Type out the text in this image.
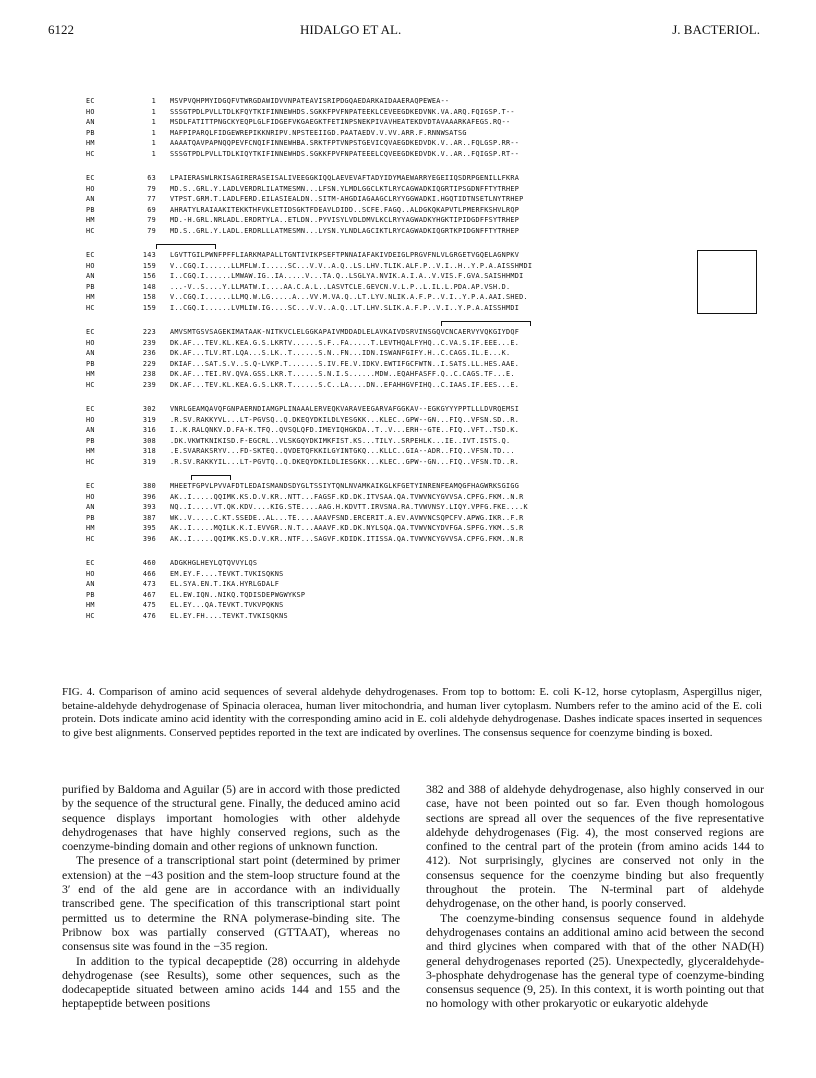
6122	HIDALGO ET AL.	J. BACTERIOL.
EC	1 MSVPVQHPMYIDGQFVTWRGDAWIDVVNPATEAVISRIPDGQAEDARKAIDAAERAQPEWEA--
HO	1 SSSGTPDLPVLLTDLKFQYTKIFINNEWHDS.SGKKFPVFNPATEEKLCEVEEGDKEDVNK.VA.ARQ.FQIGSP.T--
AN	1 MSDLFATITTPNGCKYEQPLGLFIDGEFVKGAEGKTFETINPSNEKPIVAVHEATEKDVDTAVAAARKAFEGS.RQ--
PB	1 MAFPIPARQLFIDGEWREPIKKNRIPV.NPSTEEIIGD.PAATAEDV.V.VV.ARR.F.RNNWSATSG
HM	1 AAAATQAVPAPNQQPEVFCNQIFINNEWHBA.SRKTFPTVNPSTGEVICQVAEGDKEDVDK.V..AR..FQLGSP.RR--
HC	1 SSSGTPDLPVLLTDLKIQYTKIFINNEWHDS.SGKKFPVFNPATEEELCQVEEGDKEDVDK.V..AR..FQIGSP.RT--
EC	63 LPAIERASWLRKISAGIRERASEISALIVEEGGKIQQLAEVEVAFTADYIDYMAEWARRYEGEIIQSDRPGENILLFKRA
HO	79 MD.S..GRL.Y.LADLVERDRLILATMESMN...LFSN.YLMDLGGCLKTLRYCAGWADKIQGRTIPSGDNFFTYTRHEP
AN	77 VTPST.GRM.T.LADLFERD.EILASIEALDN..SITM-AHGDIAGAAGCLRYYGGWADKI.HGQTIDTNSETLNYTRHEP
PB	69 AHRATYLRAIAAKITEKKTHFVKLETIDSGKTFDEAVLDIDD..SCFE.FAGQ..ALDGKQKAPVTLPMERFKSHVLRQP
HM	79 MD.-H.GRL.NRLADL.ERDRTYLA..ETLDN..PYVISYLVDLDMVLKCLRYYAGWADKYHGKTIPIDGDFFSYTRHEP
HC	79 MD.S..GRL.Y.LADL.ERDRLLLATMESMN...LYSN.YLNDLAGCIKTLRYCAGWADKIQGRTKPIDGNFFTYTRHEP
EC	143 LGVTTGILPWNFPFFLIARKMAPALLTGNTIVIKPSEFTPNNAIAFAKIVDEIGLPRGVFNLVLGRGETVGQELAGNPKV
HO	159 V..CGQ.I......LLMFLW.I.....SC...V.V..A.Q..LS.LHV.TLIK.ALF.P..V.I..H..Y.P.A.AISSHMDI
AN	156 I..CGQ.I......LMWAW.IG..IA.....V...TA.Q..LSGLYA.NVIK.A.I.A..V.VIS.F.GVA.SAISHHMDI
PB	148 ...-V..S....Y.LLMATW.I....AA.C.A.L..LASVTCLE.GEVCN.V.L.P..L.IL.L.PDA.AP.VSH.D.
HM	158 V..CGQ.I......LLMQ.W.LG.....A...VV.M.VA.Q..LT.LYV.NLIK.A.F.P..V.I..Y.P.A.AAI.SHED.
HC	159 I..CGQ.I......LVMLIW.IG....SC...V.V..A.Q..LT.LHV.SLIK.A.F.P..V.I..Y.P.A.AISSHMDI
EC	223 AMVSMTGSVSAGEKIMATAAK-NITKVCLELGGKAPAIVMDDADLELAVKAIVDSRVINSGQVCNCAERVYVQKGIYDQF
HO	239 DK.AF...TEV.KL.KEA.G.S.LKRTV......S.F..FA.....T.LEVTHQALFYHQ..C.VA.S.IF.EEE...E.
AN	236 DK.AF...TLV.RT.LQA...S.LK..T......S.N..FN...IDN.ISWANFGIFY.H..C.CAGS.IL.E...K.
PB	229 DKIAF...SAT.S.V..S.Q-LVKP.T.......S.IV.FE.V.IDKV.EWTIFGCFWTN..I.SATS.LL.HES.AAE.
HM	238 DK.AF...TEI.RV.QVA.GSS.LKR.T......S.N.I.S......MDW..EQAHFASFF.Q..C.CAGS.TF...E.
HC	239 DK.AF...TEV.KL.KEA.G.S.LKR.T......S.C..LA....DN..EFAHHGVFIHQ..C.IAAS.IF.EES...E.
EC	302 VNRLGEAMQAVQFGNPAERNDIAMGPLINAAALERVEQKVARAVEEGARVAFGGKAV--EGKGYYYPPTLLLDVRQEMSI
HO	319 .R.SV.RAKKYVL...LT-PGVSQ..Q.DKEQYDKILDLYESGKK...KLEC..GPW--GN...FIQ..VFSN.SD..R.
AN	316 I..K.RALQNKV.D.FA-K.TFQ..QVSQLQFD.IMEYIQHGKDA..T..V...ERH--GTE..FIQ..VFT..TSD.K.
PB	308 .DK.VKWTKNIKISD.F-EGCRL..VLSKGQYDKIMKFIST.KS...TILY..SRPEHLK...IE..IVT.ISTS.Q.
HM	318 .E.SVARAKSRYV...FD-SKTEQ..QVDETQFKKILGYINTGKQ...KLLC..GIA--ADR..FIQ..VFSN.TD...
HC	319 .R.SV.RAKKYIL...LT-PGVTQ..Q.DKEQYDKILDLIESGKK...KLEC..GPW--GN...FIQ..VFSN.TD..R.
EC	380 MHEETFGPVLPVVAFDTLEDAISMANDSDYGLTSSIYTQNLNVAMKAIKGLKFGETYINRENFEAMQGFHAGWRKSGIGG
HO	396 AK..I.....QQIMK.KS.D.V.KR..NTT...FAGSF.KD.DK.ITVSAA.QA.TVWVNCYGVVSA.CPFG.FKM..N.R
AN	393 NQ..I.....VT.QK.KDV....KIG.STE....AAG.H.KDVTT.IRVSNA.RA.TVWVNSY.LIQY.VPFG.FKE....K
PB	387 WK..V.....C.KT.SSEDE..AL...TE....AAAVFSND.ERCERIT.A.EV.AVWVNCSQPCFV.APWG.IKR..F.R
HM	395 AK..I.....MQILK.K.I.EVVGR..N.T...AAAVF.KD.DK.NYLSQA.QA.TVWVNCYDVFGA.SPFG.YKM..S.R
HC	396 AK..I.....QQIMK.KS.D.V.KR..NTF...SAGVF.KDIDK.ITISSA.QA.TVWVNCYGVVSA.CPFG.FKM..N.R
EC	460 ADGKHGLHEYLQTQVVYLQS
HO	466 EM.EY.F....TEVKT.TVKISQKNS
AN	473 EL.SYA.EN.T.IKA.HYRLGDALF
PB	467 EL.EW.IQN..NIKQ.TQDISDEPWGWYKSP
HM	475 EL.EY...QA.TEVKT.TVKVPQKNS
HC	476 EL.EY.FH....TEVKT.TVKISQKNS
FIG. 4. Comparison of amino acid sequences of several aldehyde dehydrogenases. From top to bottom: E. coli K-12, horse cytoplasm, Aspergillus niger, betaine-aldehyde dehydrogenase of Spinacia oleracea, human liver mitochondria, and human liver cytoplasm. Numbers refer to the amino acid of the E. coli protein. Dots indicate amino acid identity with the corresponding amino acid in E. coli aldehyde dehydrogenase. Dashes indicate spaces inserted in sequences to give best alignments. Conserved peptides reported in the text are indicated by overlines. The consensus sequence for coenzyme binding is boxed.

purified by Baldoma and Aguilar (5) are in accord with those predicted by the sequence of the structural gene. Finally, the deduced amino acid sequence displays important homologies with other aldehyde dehydrogenases that have highly conserved regions, such as the coenzyme-binding domain and other regions of unknown function.

The presence of a transcriptional start point (determined by primer extension) at the −43 position and the stem-loop structure found at the 3′ end of the ald gene are in accordance with an individually transcribed gene. The specification of this transcriptional start point permitted us to determine the RNA polymerase-binding site. The Pribnow box was partially conserved (GTTAAT), whereas no consensus site was found in the −35 region.

In addition to the typical decapeptide (28) occurring in aldehyde dehydrogenase (see Results), some other sequences, such as the dodecapeptide situated between amino acids 144 and 155 and the heptapeptide between positions

382 and 388 of aldehyde dehydrogenase, also highly conserved in our case, have not been pointed out so far. Even though homologous sections are spread all over the sequences of the five representative aldehyde dehydrogenases (Fig. 4), the most conserved regions are confined to the central part of the protein (from amino acids 144 to 412). Not surprisingly, glycines are conserved not only in the consensus sequence for the coenzyme binding but also frequently throughout the protein. The N-terminal part of aldehyde dehydrogenase, on the other hand, is poorly conserved.

The coenzyme-binding consensus sequence found in aldehyde dehydrogenases contains an additional amino acid between the second and third glycines when compared with that of the other NAD(H) general dehydrogenases reported (25). Unexpectedly, glyceraldehyde-3-phosphate dehydrogenase has the general type of coenzyme-binding consensus sequence (9, 25). In this context, it is worth pointing out that no homology with other prokaryotic or eukaryotic aldehyde
